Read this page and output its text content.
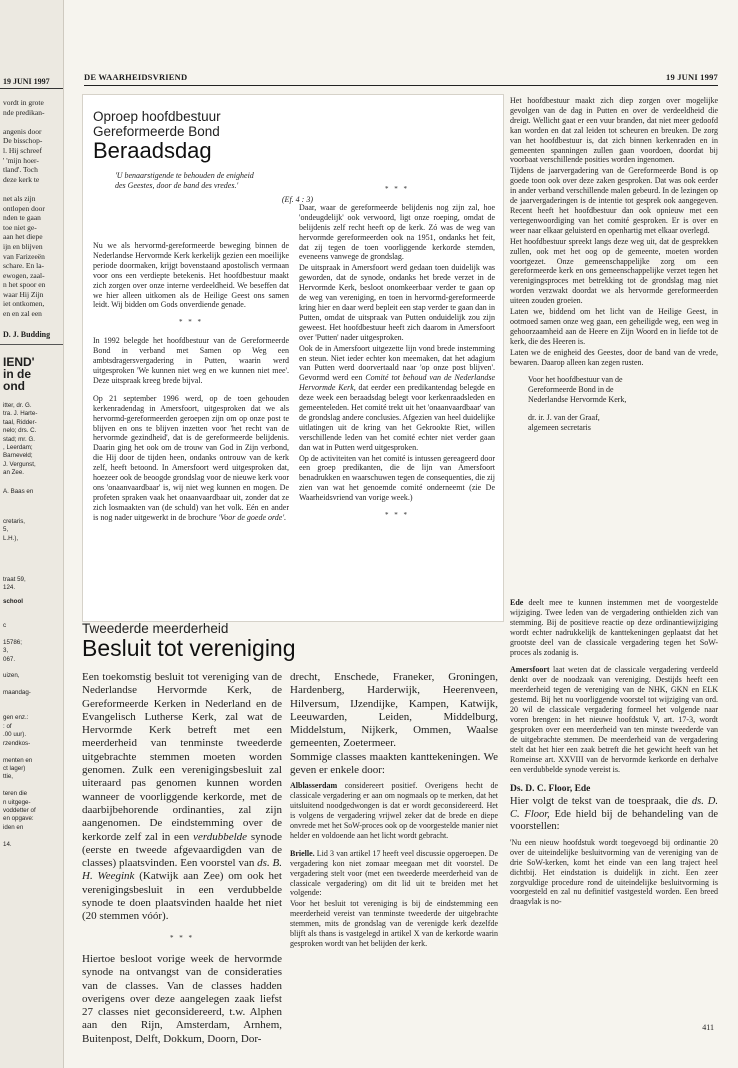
19 JUNI 1997
vordt in grote
nde predikan-

angenis door
De bisschop-
l. Hij schreef
' 'mijn hoer-
tland'. Toch
deze kerk te

net als zijn
ontlopen door
nden te gaan
toe niet ge-
aan het diepe
ijn en blijven
van Farizeeën
schare. En la-
ewogen, zaal-
n het spoor en
waar Hij Zijn
iet ontkomen,
en en zal een
D. J. Budding
IEND'
in de
ond
itter, dr. G.
tra. J. Harte-
taal, Ridder-
nelo; drs. C.
stad; mr. G.
, Leerdam;
Barneveld;
J. Vergunst,
an Zee.
A. Baas en
cretaris,
5,
L.H.),
traat 59,
124.
school
c

15786;
3,
067.

uizen,

maandag-

gen enz.:
: of
.00 uur).
rzendkos-

menten en
ct lager)
ttie,

teren die
n uitgege-
voddetter of
en opgave:
iden en

14.
DE WAARHEIDSVRIEND	19 JUNI 1997
Oproep hoofdbestuur Gereformeerde Bond
Beraadsdag
'U benaarstigende te behouden de enigheid des Geestes, door de band des vredes.'
(Ef. 4 : 3)

Nu we als hervormd-gereformeerde beweging binnen de Nederlandse Hervormde Kerk kerkelijk gezien een moeilijke periode doormaken, krijgt bovenstaand apostolisch vermaan voor ons een verdiepte betekenis. Het hoofdbestuur maakt zich zorgen over onze interne verdeeldheid. We beseffen dat we hier alleen uitkomen als de Heilige Geest ons samen leidt. Wij bidden om Gods onverdiende genade.

* * *

In 1992 belegde het hoofdbestuur van de Gereformeerde Bond in verband met Samen op Weg een ambtsdragersvergadering in Putten, waarin werd uitgesproken 'We kunnen niet weg en we kunnen niet mee'. Deze uitspraak kreeg brede bijval.

Op 21 september 1996 werd, op de toen gehouden kerkenradendag in Amersfoort, uitgesproken dat we als hervormd-gereformeerden geroepen zijn om op onze post te blijven en ons te blijven inzetten voor 'het recht van de hervormde gezindheid', dat is de gereformeerde belijdenis. Daarin ging het ook om de trouw van God in Zijn verbond, die Hij door de tijden heen, ondanks ontrouw van de kerk zelf, heeft betoond. In Amersfoort werd uitgesproken dat, hoezeer ook de beoogde grondslag voor de nieuwe kerk voor ons 'onaanvaardbaar' is, wij niet weg kunnen en mogen. De profeten spraken vaak het onaanvaardbaar uit, zonder dat ze zich losmaakten van (de schuld) van het volk. Eén en ander is nog nader uitgewerkt in de brochure 'Voor de goede orde'.

* * *

Daar, waar de gereformeerde belijdenis nog zijn zal, hoe 'ondeugdelijk' ook verwoord, ligt onze roeping, omdat de belijdenis zelf recht heeft op de kerk. Zó was de weg van hervormde gereformeerden ook na 1951, ondanks het feit, dat zij tegen de toen voorliggende kerkorde stemden, eveneens vanwege de grondslag.

De uitspraak in Amersfoort werd gedaan toen duidelijk was geworden, dat de synode, ondanks het brede verzet in de Hervormde Kerk, besloot onomkeerbaar verder te gaan op de weg van vereniging, en toen in hervormd-gereformeerde kring hier en daar werd bepleit een stap verder te gaan dan in Putten, omdat de uitspraak van Putten onduidelijk zou zijn geweest. Het hoofdbestuur heeft zich daarom in Amersfoort over 'Putten' nader uitgesproken.

Ook de in Amersfoort uitgezette lijn vond brede instemming en steun. Niet ieder echter kon meemaken, dat het adagium van Putten werd doorvertaald naar 'op onze post blijven'. Gevormd werd een Comité tot behoud van de Nederlandse Hervormde Kerk, dat eerder een predikantendag belegde en deze week een beraadsdag belegt voor kerkenraadsleden en gemeenteleden. Het comité trekt uit het 'onaanvaardbaar' van de grondslag andere conclusies. Afgezien van heel duidelijke uitlatingen uit de kring van het Gekrookte Riet, willen verschillende leden van het comité echter niet verder gaan dan wat in Putten werd uitgesproken.

Op de activiteiten van het comité is intussen gereageerd door een groep predikanten, die de lijn van Amersfoort benadrukken en waarschuwen tegen de consequenties, die zij zien van wat het genoemde comité onderneemt (zie De Waarheidsvriend van vorige week.)

* * *

Het hoofdbestuur maakt zich diep zorgen over mogelijke gevolgen van de dag in Putten en over de verdeeldheid die dreigt. Wellicht gaat er een vuur branden, dat niet meer gedoofd kan worden en dat zal leiden tot scheuren en breuken. De zorg van het hoofdbestuur is, dat zich binnen kerkenraden en in gemeenten spanningen zullen gaan voordoen, doordat bij voorbaat verschillende posities worden ingenomen.

Tijdens de jaarvergadering van de Gereformeerde Bond is op goede toon ook over deze zaken gesproken. Dat was ook eerder in ander verband verschillende malen gebeurd. In de lezingen op de jaarvergaderingen is de intentie tot gesprek ook aangegeven. Recent heeft het hoofdbestuur dan ook opnieuw met een vertegenwoordiging van het comité gesproken. Er is over en weer naar elkaar geluisterd en openhartig met elkaar overlegd.

Het hoofdbestuur spreekt langs deze weg uit, dat de gesprekken zullen, ook met het oog op de gemeente, moeten worden voortgezet. Onze gemeenschappelijke zorg om een gereformeerde kerk en ons gemeenschappelijke verzet tegen het verenigingsproces met betrekking tot de grondslag mag niet worden verzwakt doordat we als hervormde gereformeerden uiteen zouden groeien.

Laten we, biddend om het licht van de Heilige Geest, in ootmoed samen onze weg gaan, een geheiligde weg, een weg in gehoorzaamheid aan de Heere en Zijn Woord en in liefde tot de kerk, die des Heeren is.

Laten we de enigheid des Geestes, door de band van de vrede, bewaren. Daarop alleen kan zegen rusten.

Voor het hoofdbestuur van de
Gereformeerde Bond in de
Nederlandse Hervormde Kerk,
dr. ir. J. van der Graaf,
algemeen secretaris
Tweederde meerderheid
Besluit tot vereniging

Een toekomstig besluit tot vereniging van de Nederlandse Hervormde Kerk, de Gereformeerde Kerken in Nederland en de Evangelisch Lutherse Kerk, zal wat de Hervormde Kerk betreft met een meerderheid van tenminste tweederde uitgebrachte stemmen moeten worden genomen. Zulk een verenigingsbesluit zal uiteraard pas genomen kunnen worden wanneer de voorliggende kerkorde, met de daarbijbehorende ordinanties, zal zijn aangenomen. De eindstemming over de kerkorde zelf zal in een verdubbelde synode (eerste en tweede afgevaardigden van de classes) plaatsvinden. Een voorstel van ds. B. H. Weegink (Katwijk aan Zee) om ook het verenigingsbesluit in een verdubbelde synode te doen plaatsvinden haalde het niet (20 stemmen vóór).

* * *

Hiertoe besloot vorige week de hervormde synode na ontvangst van de consideraties van de classes. Van de classes hadden overigens over deze aangelegen zaak liefst 27 classes niet geconsidereerd, t.w. Alphen aan den Rijn, Amsterdam, Arnhem, Buitenpost, Delft, Dokkum, Doorn, Dor-

drecht, Enschede, Franeker, Groningen, Hardenberg, Harderwijk, Heerenveen, Hilversum, IJzendijke, Kampen, Katwijk, Leeuwarden, Leiden, Middelburg, Middelstum, Nijkerk, Ommen, Waalse gemeenten, Zoetermeer.

Sommige classes maakten kanttekeningen. We geven er enkele door:

Alblasserdam considereert positief. Overigens hecht de classicale vergadering er aan om nogmaals op te merken, dat het uitsluitend noodgedwongen is dat er wordt geconsidereerd. Het is volgens de vergadering vrijwel zeker dat de brede en diepe onvrede met het SoW-proces ook op de voorgestelde manier niet helder en voldoende aan het licht wordt gebracht.

Brielle. Lid 3 van artikel 17 heeft veel discussie opgeroepen. De vergadering kon niet zomaar meegaan met dit voorstel. De vergadering stelt voor (met een tweederde meerderheid van de classicale vergadering) om dit lid uit te breiden met het volgende:

Voor het besluit tot vereniging is bij de eindstemming een meerderheid vereist van tenminste tweederde der uitgebrachte stemmen, mits de grondslag van de verenigde kerk dezelfde blijft als thans is vastgelegd in artikel X van de kerkorde waarin gesproken wordt van het belijden der kerk.

Ede deelt mee te kunnen instemmen met de voorgestelde wijziging. Twee leden van de vergadering onthielden zich van stemming. Bij de positieve reactie op deze ordinantiewijziging wordt echter nadrukkelijk de kanttekeningen geplaatst dat het grootste deel van de classicale vergadering tegen het SoW-proces als zodanig is.

Amersfoort laat weten dat de classicale vergadering verdeeld denkt over de noodzaak van vereniging. Destijds heeft een meerderheid tegen de vereniging van de NHK, GKN en ELK gestemd. Bij het nu voorliggende voorstel tot wijziging van ord. 20 wil de classicale vergadering formeel het volgende naar voren brengen: in het nieuwe hoofdstuk V, art. 17-3, wordt gesproken over een meerderheid van ten minste tweederde van de uitgebrachte stemmen. De meerderheid van de vergadering stelt dat het hier een zaak betreft die het gewicht heeft van het Romeinse art. XXVIII van de hervormde kerkorde en derhalve een verdubbelde synode vereist is.

Ds. D. C. Floor, Ede

Hier volgt de tekst van de toespraak, die ds. D. C. Floor, Ede hield bij de behandeling van de voorstellen:

'Nu een nieuw hoofdstuk wordt toegevoegd bij ordinantie 20 over de uiteindelijke besluitvorming van de vereniging van de drie SoW-kerken, komt het einde van een lang traject heel dichtbij. Het eindstation is duidelijk in zicht. Een zeer zorgvuldige procedure rond de uiteindelijke besluitvorming is voorgesteld en zal nu definitief vastgesteld worden. Een breed draagvlak is no-

411
